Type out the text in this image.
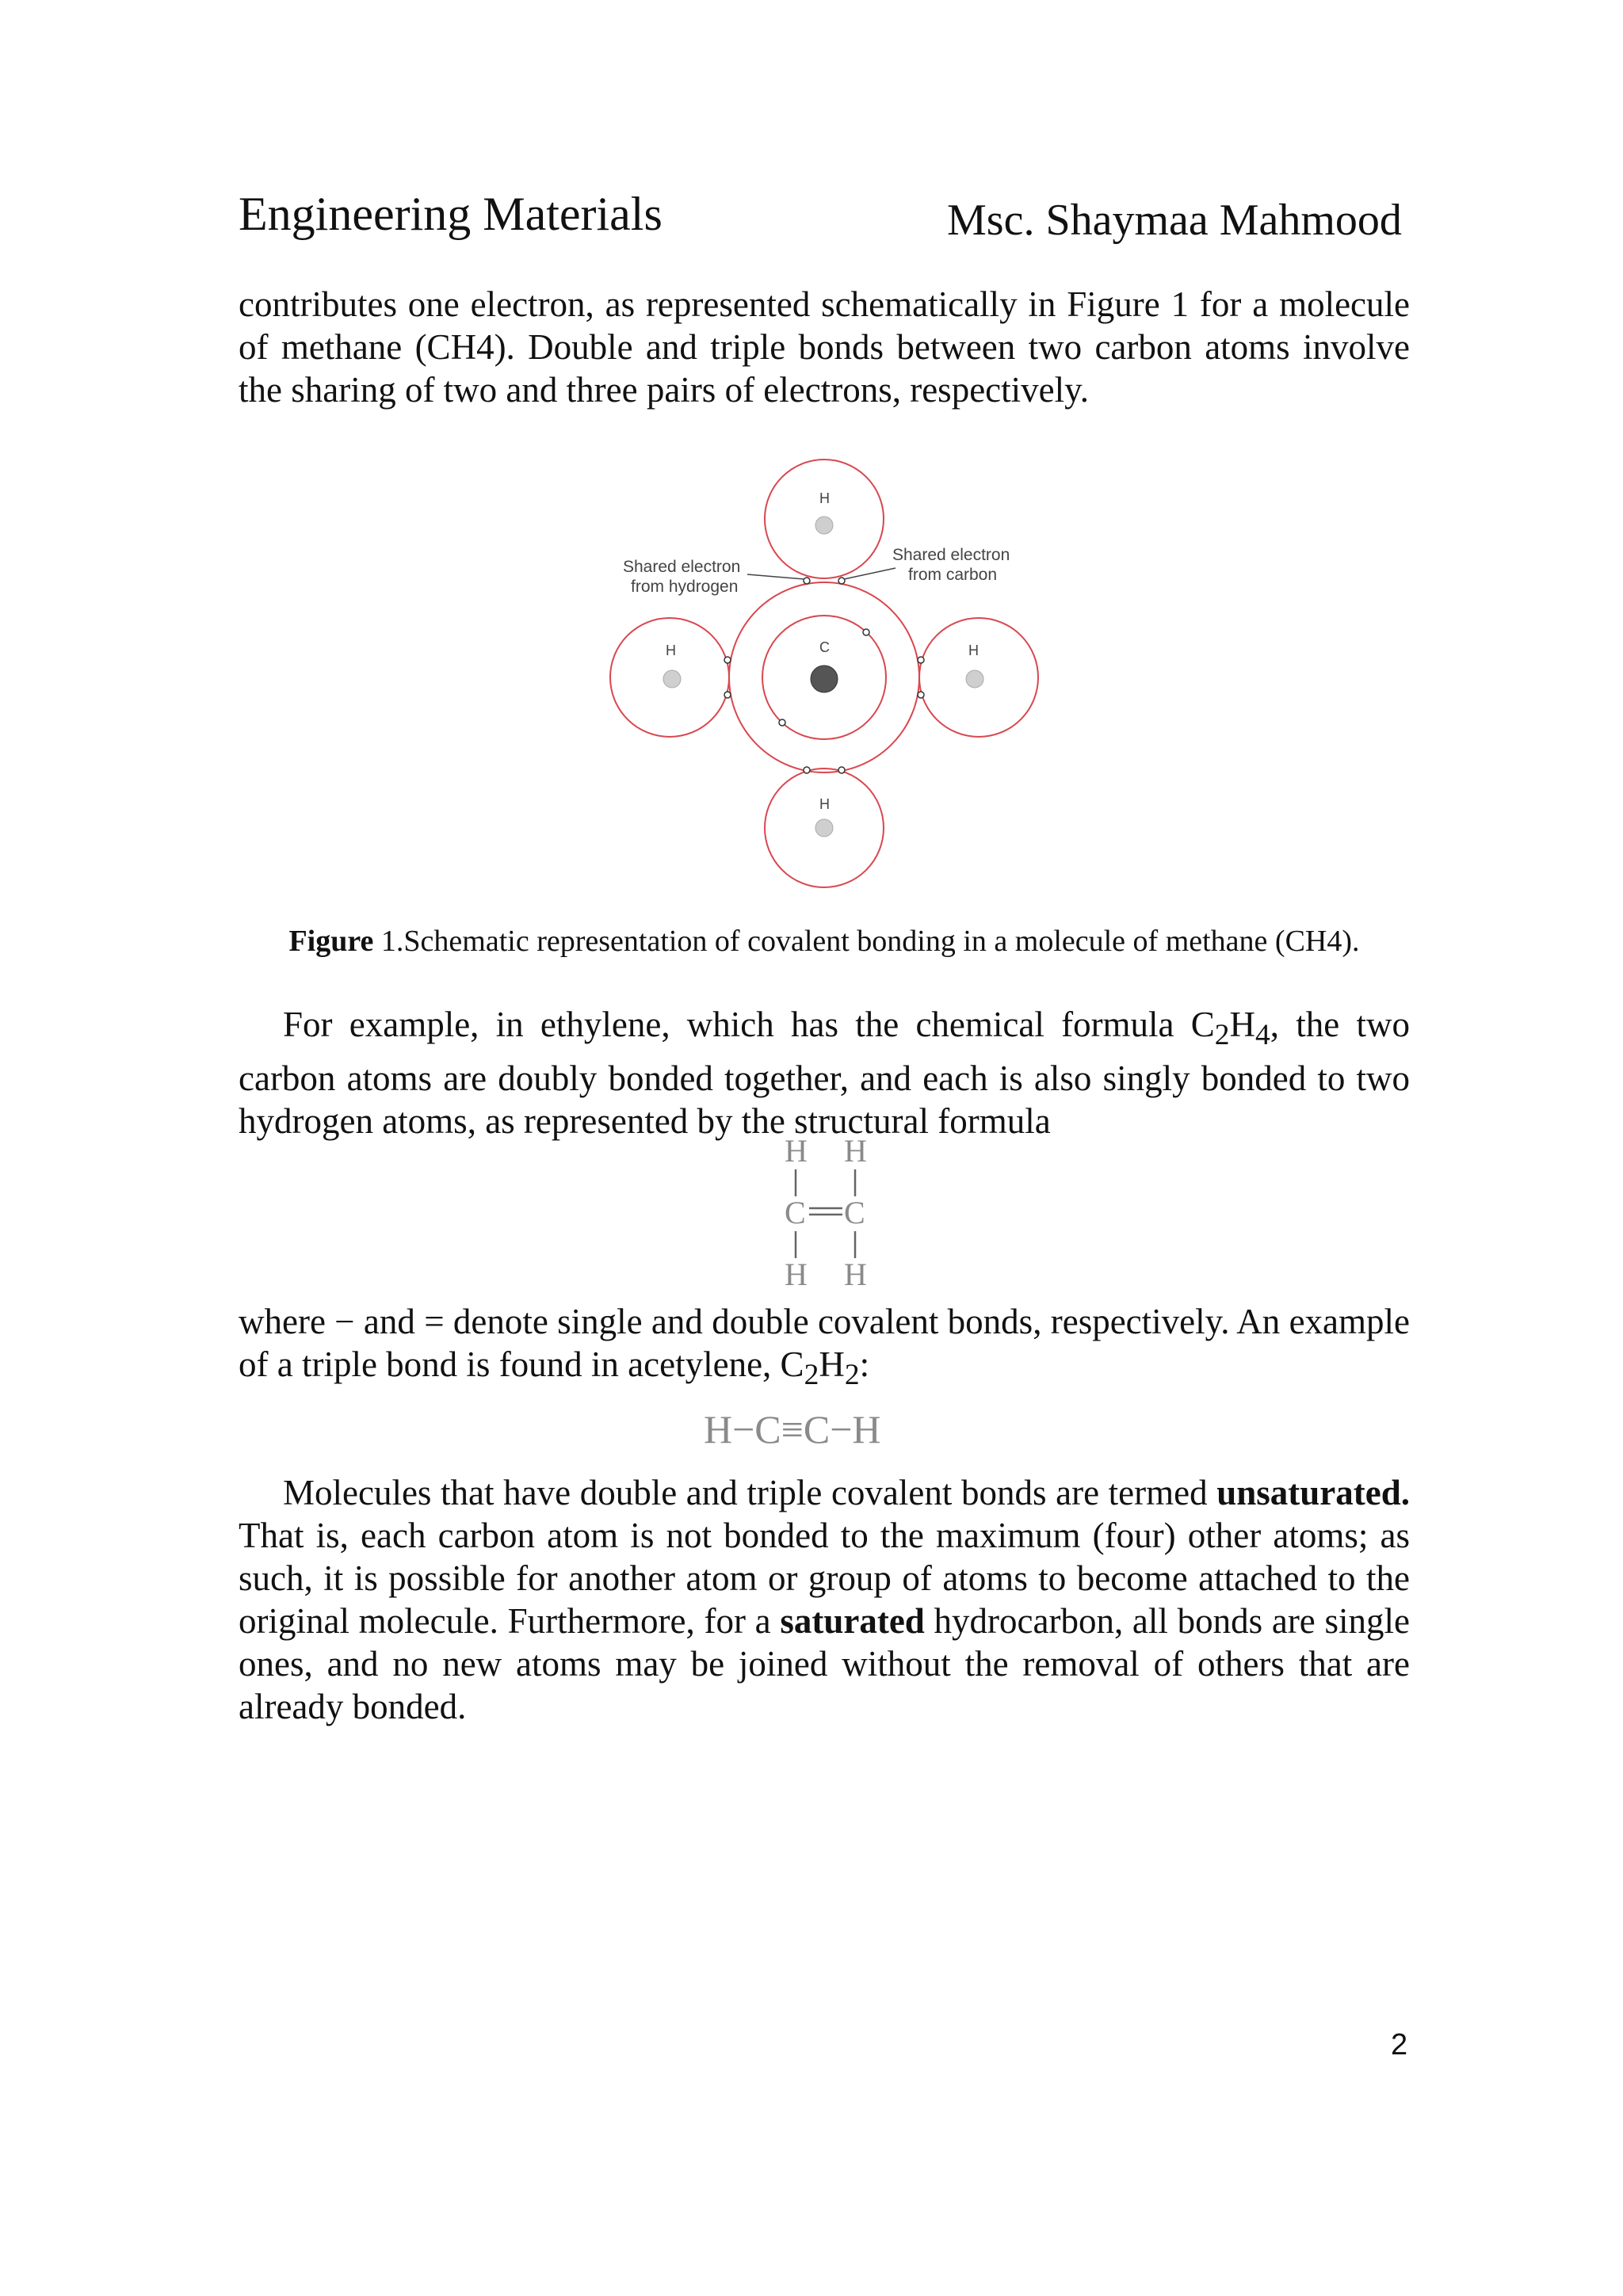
Engineering Materials	Msc. Shaymaa Mahmood

contributes one electron, as represented schematically in Figure 1 for a molecule of methane (CH4). Double and triple bonds between two carbon atoms involve the sharing of two and three pairs of electrons, respectively.

H
C
H	H
H
Shared electron
from hydrogen
Shared electron
from carbon
Figure 1.Schematic representation of covalent bonding in a molecule of methane (CH4).

For example, in ethylene, which has the chemical formula $C_2H_4$, the two carbon atoms are doubly bonded together, and each is also singly bonded to two hydrogen atoms, as represented by the structural formula

H H
C C
H H

where − and = denote single and double covalent bonds, respectively. An example of a triple bond is found in acetylene, $C_2H_2$:

H−C≡C−H

Molecules that have double and triple covalent bonds are termed unsaturated. That is, each carbon atom is not bonded to the maximum (four) other atoms; as such, it is possible for another atom or group of atoms to become attached to the original molecule. Furthermore, for a saturated hydrocarbon, all bonds are single ones, and no new atoms may be joined without the removal of others that are already bonded.

2
